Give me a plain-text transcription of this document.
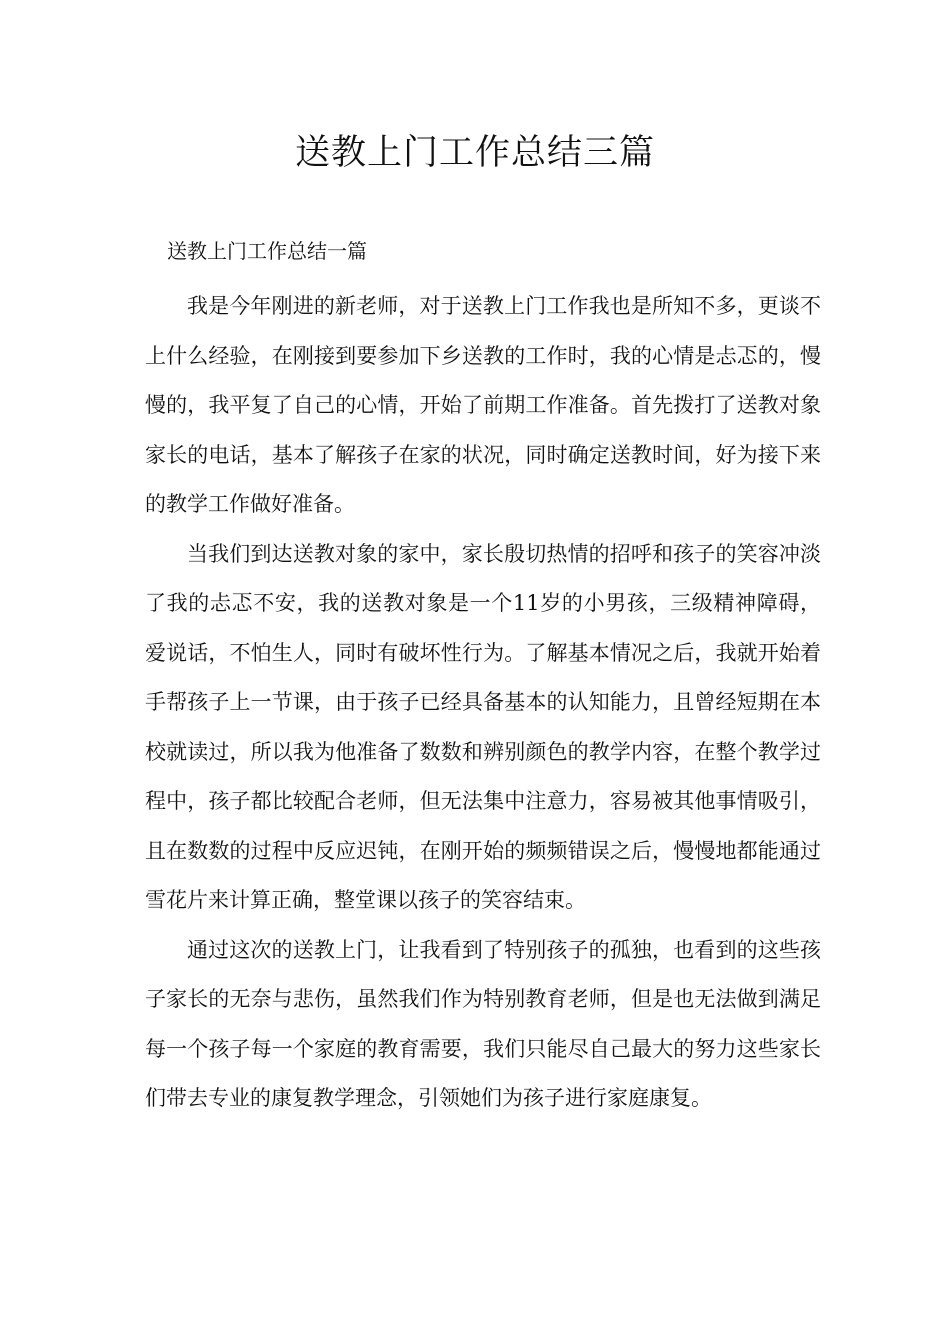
送教上门工作总结三篇

送教上门工作总结一篇

我是今年刚进的新老师，对于送教上门工作我也是所知不多，更谈不上什么经验，在刚接到要参加下乡送教的工作时，我的心情是忐忑的，慢慢的，我平复了自己的心情，开始了前期工作准备。首先拨打了送教对象家长的电话，基本了解孩子在家的状况，同时确定送教时间，好为接下来的教学工作做好准备。

当我们到达送教对象的家中，家长殷切热情的招呼和孩子的笑容冲淡了我的忐忑不安，我的送教对象是一个11岁的小男孩，三级精神障碍，爱说话，不怕生人，同时有破坏性行为。了解基本情况之后，我就开始着手帮孩子上一节课，由于孩子已经具备基本的认知能力，且曾经短期在本校就读过，所以我为他准备了数数和辨别颜色的教学内容，在整个教学过程中，孩子都比较配合老师，但无法集中注意力，容易被其他事情吸引，且在数数的过程中反应迟钝，在刚开始的频频错误之后，慢慢地都能通过雪花片来计算正确，整堂课以孩子的笑容结束。

通过这次的送教上门，让我看到了特别孩子的孤独，也看到的这些孩子家长的无奈与悲伤，虽然我们作为特别教育老师，但是也无法做到满足每一个孩子每一个家庭的教育需要，我们只能尽自己最大的努力这些家长们带去专业的康复教学理念，引领她们为孩子进行家庭康复。
